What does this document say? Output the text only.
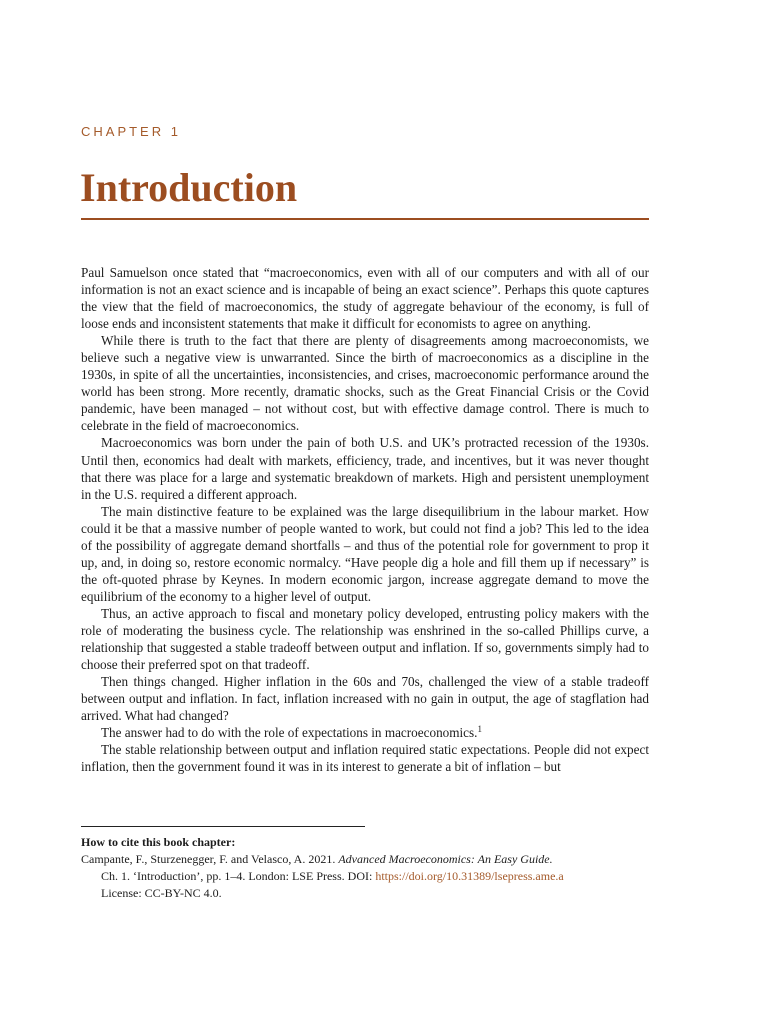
CHAPTER 1
Introduction

Paul Samuelson once stated that “macroeconomics, even with all of our computers and with all of our information is not an exact science and is incapable of being an exact science”. Perhaps this quote captures the view that the field of macroeconomics, the study of aggregate behaviour of the economy, is full of loose ends and inconsistent statements that make it difficult for economists to agree on anything.

While there is truth to the fact that there are plenty of disagreements among macroeconomists, we believe such a negative view is unwarranted. Since the birth of macroeconomics as a discipline in the 1930s, in spite of all the uncertainties, inconsistencies, and crises, macroeconomic performance around the world has been strong. More recently, dramatic shocks, such as the Great Financial Crisis or the Covid pandemic, have been managed – not without cost, but with effective damage control. There is much to celebrate in the field of macroeconomics.

Macroeconomics was born under the pain of both U.S. and UK’s protracted recession of the 1930s. Until then, economics had dealt with markets, efficiency, trade, and incentives, but it was never thought that there was place for a large and systematic breakdown of markets. High and persistent unemployment in the U.S. required a different approach.

The main distinctive feature to be explained was the large disequilibrium in the labour market. How could it be that a massive number of people wanted to work, but could not find a job? This led to the idea of the possibility of aggregate demand shortfalls – and thus of the potential role for government to prop it up, and, in doing so, restore economic normalcy. “Have people dig a hole and fill them up if necessary” is the oft-quoted phrase by Keynes. In modern economic jargon, increase aggregate demand to move the equilibrium of the economy to a higher level of output.

Thus, an active approach to fiscal and monetary policy developed, entrusting policy makers with the role of moderating the business cycle. The relationship was enshrined in the so-called Phillips curve, a relationship that suggested a stable tradeoff between output and inflation. If so, governments simply had to choose their preferred spot on that tradeoff.

Then things changed. Higher inflation in the 60s and 70s, challenged the view of a stable tradeoff between output and inflation. In fact, inflation increased with no gain in output, the age of stagflation had arrived. What had changed?

The answer had to do with the role of expectations in macroeconomics.$^1$

The stable relationship between output and inflation required static expectations. People did not expect inflation, then the government found it was in its interest to generate a bit of inflation – but

How to cite this book chapter:
Campante, F., Sturzenegger, F. and Velasco, A. 2021. Advanced Macroeconomics: An Easy Guide.
Ch. 1. ‘Introduction’, pp. 1–4. London: LSE Press. DOI: https://doi.org/10.31389/lsepress.ame.a
License: CC-BY-NC 4.0.
